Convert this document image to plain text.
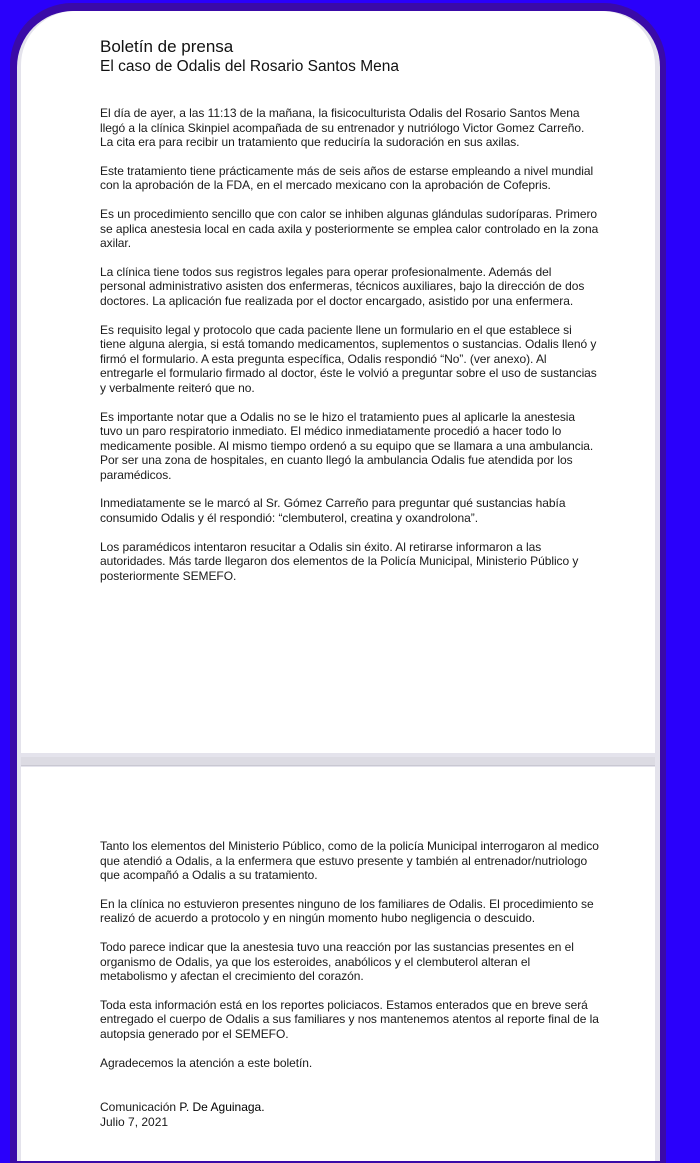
Boletín de prensa
El caso de Odalis del Rosario Santos Mena

El día de ayer, a las 11:13 de la mañana, la fisicoculturista Odalis del Rosario Santos Mena llegó a la clínica Skinpiel acompañada de su entrenador y nutriólogo Victor Gomez Carreño. La cita era para recibir un tratamiento que reduciría la sudoración en sus axilas.

Este tratamiento tiene prácticamente más de seis años de estarse empleando a nivel mundial con la aprobación de la FDA, en el mercado mexicano con la aprobación de Cofepris.

Es un procedimiento sencillo que con calor se inhiben algunas glándulas sudoríparas. Primero se aplica anestesia local en cada axila y posteriormente se emplea calor controlado en la zona axilar.

La clínica tiene todos sus registros legales para operar profesionalmente. Además del personal administrativo asisten dos enfermeras, técnicos auxiliares, bajo la dirección de dos doctores. La aplicación fue realizada por el doctor encargado, asistido por una enfermera.

Es requisito legal y protocolo que cada paciente llene un formulario en el que establece si tiene alguna alergia, si está tomando medicamentos, suplementos o sustancias. Odalis llenó y firmó el formulario. A esta pregunta específica, Odalis respondió “No”. (ver anexo). Al entregarle el formulario firmado al doctor, éste le volvió a preguntar sobre el uso de sustancias y verbalmente reiteró que no.

Es importante notar que a Odalis no se le hizo el tratamiento pues al aplicarle la anestesia tuvo un paro respiratorio inmediato. El médico inmediatamente procedió a hacer todo lo medicamente posible. Al mismo tiempo ordenó a su equipo que se llamara a una ambulancia. Por ser una zona de hospitales, en cuanto llegó la ambulancia Odalis fue atendida por los paramédicos.

Inmediatamente se le marcó al Sr. Gómez Carreño para preguntar qué sustancias había consumido Odalis y él respondió: “clembuterol, creatina y oxandrolona”.

Los paramédicos intentaron resucitar a Odalis sin éxito. Al retirarse informaron a las autoridades. Más tarde llegaron dos elementos de la Policía Municipal, Ministerio Público y posteriormente SEMEFO.

Tanto los elementos del Ministerio Público, como de la policía Municipal interrogaron al medico que atendió a Odalis, a la enfermera que estuvo presente y también al entrenador/nutriologo que acompañó a Odalis a su tratamiento.

En la clínica no estuvieron presentes ninguno de los familiares de Odalis. El procedimiento se realizó de acuerdo a protocolo y en ningún momento hubo negligencia o descuido.

Todo parece indicar que la anestesia tuvo una reacción por las sustancias presentes en el organismo de Odalis, ya que los esteroides, anabólicos y el clembuterol alteran el metabolismo y afectan el crecimiento del corazón.

Toda esta información está en los reportes policiacos. Estamos enterados que en breve será entregado el cuerpo de Odalis a sus familiares y nos mantenemos atentos al reporte final de la autopsia generado por el SEMEFO.

Agradecemos la atención a este boletín.

Comunicación P. De Aguinaga.
Julio 7, 2021
